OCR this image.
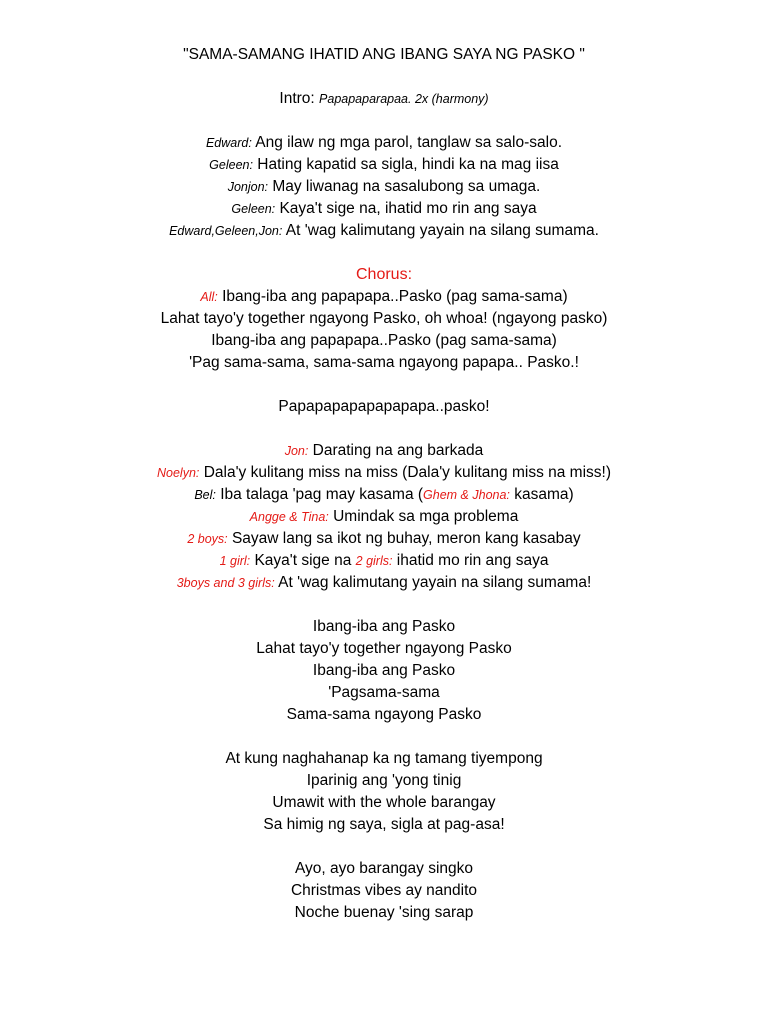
"SAMA-SAMANG IHATID ANG IBANG SAYA NG PASKO "
Intro: Papapaparapaa. 2x (harmony)
Edward: Ang ilaw ng mga parol, tanglaw sa salo-salo.
Geleen: Hating kapatid sa sigla, hindi ka na mag iisa
Jonjon: May liwanag na sasalubong sa umaga.
Geleen: Kaya't sige na, ihatid mo rin ang saya
Edward,Geleen,Jon: At 'wag kalimutang yayain na silang sumama.
Chorus:
All: Ibang-iba ang papapapa..Pasko (pag sama-sama)
Lahat tayo'y together ngayong Pasko, oh whoa! (ngayong pasko)
Ibang-iba ang papapapa..Pasko (pag sama-sama)
'Pag sama-sama, sama-sama ngayong papapa.. Pasko.!
Papapapapapapapapa..pasko!
Jon: Darating na ang barkada
Noelyn: Dala'y kulitang miss na miss (Dala'y kulitang miss na miss!)
Bel: Iba talaga 'pag may kasama (Ghem & Jhona: kasama)
Angge & Tina: Umindak sa mga problema
2 boys: Sayaw lang sa ikot ng buhay, meron kang kasabay
1 girl: Kaya't sige na 2 girls: ihatid mo rin ang saya
3boys and 3 girls: At 'wag kalimutang yayain na silang sumama!
Ibang-iba ang Pasko
Lahat tayo'y together ngayong Pasko
Ibang-iba ang Pasko
'Pagsama-sama
Sama-sama ngayong Pasko
At kung naghahanap ka ng tamang tiyempong
Iparinig ang 'yong tinig
Umawit with the whole barangay
Sa himig ng saya, sigla at pag-asa!
Ayo, ayo barangay singko
Christmas vibes ay nandito
Noche buenay 'sing sarap
